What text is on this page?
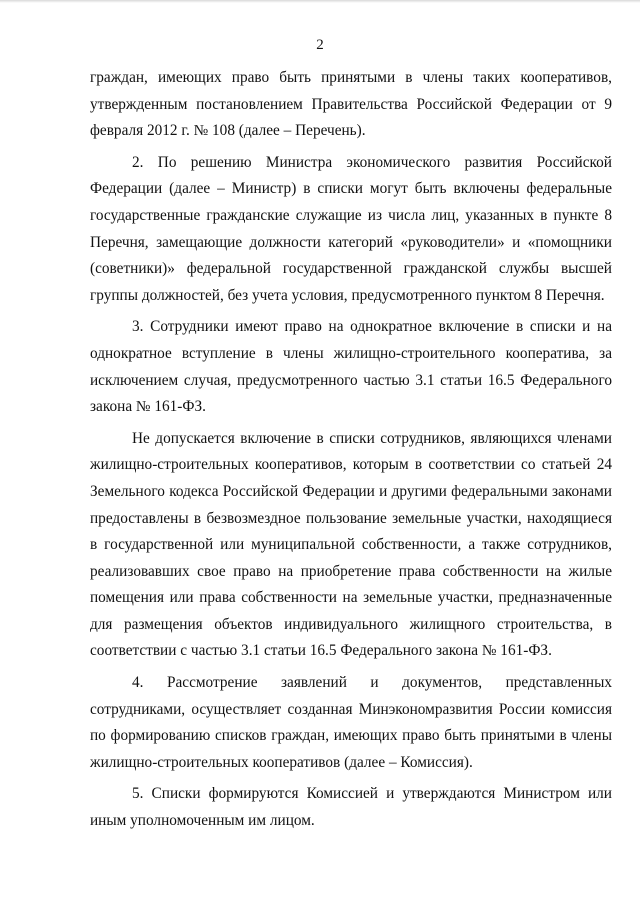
2

граждан, имеющих право быть принятыми в члены таких кооперативов, утвержденным постановлением Правительства Российской Федерации от 9 февраля 2012 г. № 108 (далее – Перечень).

2. По решению Министра экономического развития Российской Федерации (далее – Министр) в списки могут быть включены федеральные государственные гражданские служащие из числа лиц, указанных в пункте 8 Перечня, замещающие должности категорий «руководители» и «помощники (советники)» федеральной государственной гражданской службы высшей группы должностей, без учета условия, предусмотренного пунктом 8 Перечня.

3. Сотрудники имеют право на однократное включение в списки и на однократное вступление в члены жилищно-строительного кооператива, за исключением случая, предусмотренного частью 3.1 статьи 16.5 Федерального закона № 161-ФЗ.

Не допускается включение в списки сотрудников, являющихся членами жилищно-строительных кооперативов, которым в соответствии со статьей 24 Земельного кодекса Российской Федерации и другими федеральными законами предоставлены в безвозмездное пользование земельные участки, находящиеся в государственной или муниципальной собственности, а также сотрудников, реализовавших свое право на приобретение права собственности на жилые помещения или права собственности на земельные участки, предназначенные для размещения объектов индивидуального жилищного строительства, в соответствии с частью 3.1 статьи 16.5 Федерального закона № 161-ФЗ.

4. Рассмотрение заявлений и документов, представленных сотрудниками, осуществляет созданная Минэкономразвития России комиссия по формированию списков граждан, имеющих право быть принятыми в члены жилищно-строительных кооперативов (далее – Комиссия).

5. Списки формируются Комиссией и утверждаются Министром или иным уполномоченным им лицом.
